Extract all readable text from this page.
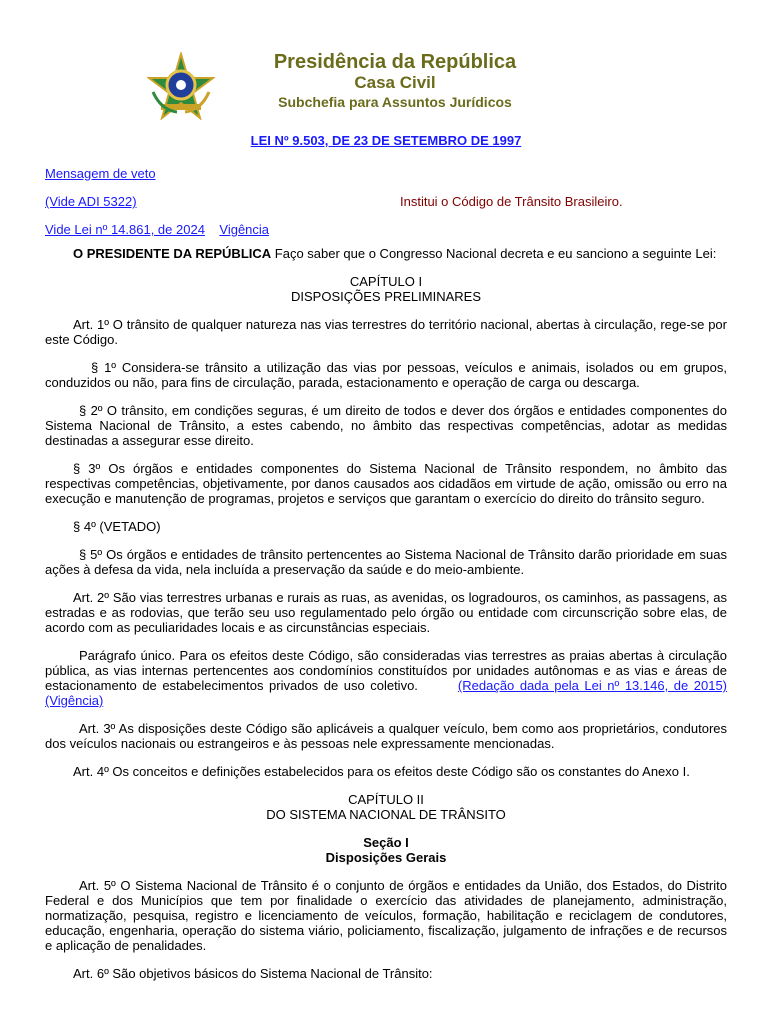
Presidência da República
Casa Civil
Subchefia para Assuntos Jurídicos
LEI Nº 9.503, DE 23 DE SETEMBRO DE 1997
Mensagem de veto
(Vide ADI 5322)	Institui o Código de Trânsito Brasileiro.
Vide Lei nº 14.861, de 2024 Vigência

O PRESIDENTE DA REPÚBLICA Faço saber que o Congresso Nacional decreta e eu sanciono a seguinte Lei:

CAPÍTULO I
DISPOSIÇÕES PRELIMINARES

Art. 1º O trânsito de qualquer natureza nas vias terrestres do território nacional, abertas à circulação, rege-se por este Código.

§ 1º Considera-se trânsito a utilização das vias por pessoas, veículos e animais, isolados ou em grupos, conduzidos ou não, para fins de circulação, parada, estacionamento e operação de carga ou descarga.

§ 2º O trânsito, em condições seguras, é um direito de todos e dever dos órgãos e entidades componentes do Sistema Nacional de Trânsito, a estes cabendo, no âmbito das respectivas competências, adotar as medidas destinadas a assegurar esse direito.

§ 3º Os órgãos e entidades componentes do Sistema Nacional de Trânsito respondem, no âmbito das respectivas competências, objetivamente, por danos causados aos cidadãos em virtude de ação, omissão ou erro na execução e manutenção de programas, projetos e serviços que garantam o exercício do direito do trânsito seguro.

§ 4º (VETADO)

§ 5º Os órgãos e entidades de trânsito pertencentes ao Sistema Nacional de Trânsito darão prioridade em suas ações à defesa da vida, nela incluída a preservação da saúde e do meio-ambiente.

Art. 2º São vias terrestres urbanas e rurais as ruas, as avenidas, os logradouros, os caminhos, as passagens, as estradas e as rodovias, que terão seu uso regulamentado pelo órgão ou entidade com circunscrição sobre elas, de acordo com as peculiaridades locais e as circunstâncias especiais.

Parágrafo único. Para os efeitos deste Código, são consideradas vias terrestres as praias abertas à circulação pública, as vias internas pertencentes aos condomínios constituídos por unidades autônomas e as vias e áreas de estacionamento de estabelecimentos privados de uso coletivo.	(Redação dada pela Lei nº 13.146, de 2015) (Vigência)

Art. 3º As disposições deste Código são aplicáveis a qualquer veículo, bem como aos proprietários, condutores dos veículos nacionais ou estrangeiros e às pessoas nele expressamente mencionadas.

Art. 4º Os conceitos e definições estabelecidos para os efeitos deste Código são os constantes do Anexo I.

CAPÍTULO II
DO SISTEMA NACIONAL DE TRÂNSITO
Seção I
Disposições Gerais

Art. 5º O Sistema Nacional de Trânsito é o conjunto de órgãos e entidades da União, dos Estados, do Distrito Federal e dos Municípios que tem por finalidade o exercício das atividades de planejamento, administração, normatização, pesquisa, registro e licenciamento de veículos, formação, habilitação e reciclagem de condutores, educação, engenharia, operação do sistema viário, policiamento, fiscalização, julgamento de infrações e de recursos e aplicação de penalidades.

Art. 6º São objetivos básicos do Sistema Nacional de Trânsito:
